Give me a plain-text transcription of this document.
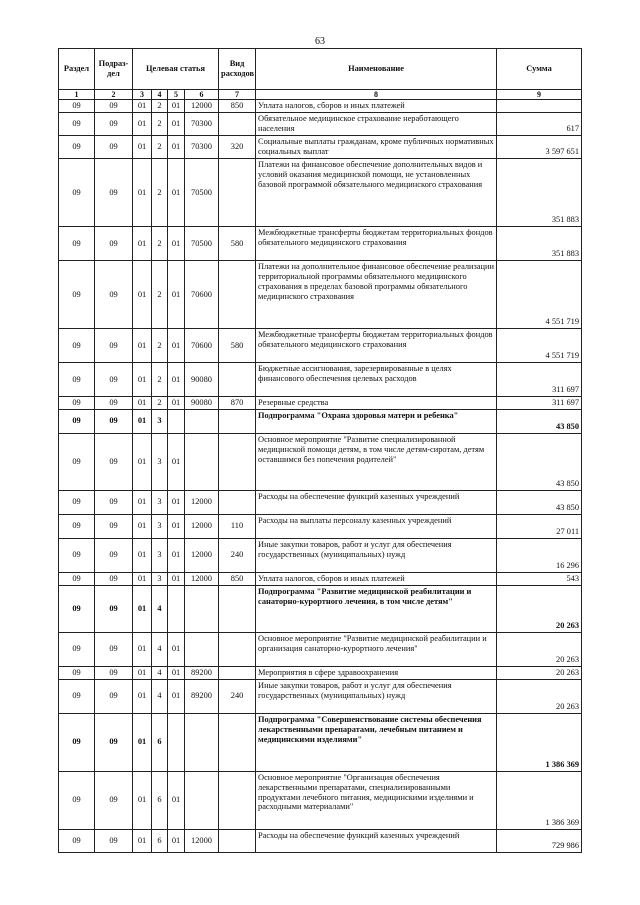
63
Раздел	Подраз-дел	Целевая статья				Вид расходов	Наименование	Сумма
1	2	3	4	5	6	7	8	9
09	09	01	2	01	12000	850	Уплата налогов, сборов и иных платежей	
09	09	01	2	01	70300		Обязательное медицинское страхование неработающего населения	617
09	09	01	2	01	70300	320	Социальные выплаты гражданам, кроме публичных нормативных социальных выплат	3 597 651
09	09	01	2	01	70500		Платежи на финансовое обеспечение дополнительных видов и условий оказания медицинской помощи, не установленных базовой программой обязательного медицинского страхования	351 883
09	09	01	2	01	70500	580	Межбюджетные трансферты бюджетам территориальных фондов обязательного медицинского страхования	351 883
09	09	01	2	01	70600		Платежи на дополнительное финансовое обеспечение реализации территориальной программы обязательного медицинского страхования в пределах базовой программы обязательного медицинского страхования	4 551 719
09	09	01	2	01	70600	580	Межбюджетные трансферты бюджетам территориальных фондов обязательного медицинского страхования	4 551 719
09	09	01	2	01	90080		Бюджетные ассигнования, зарезервированные в целях финансового обеспечения целевых расходов	311 697
09	09	01	2	01	90080	870	Резервные средства	311 697
09	09	01	3				Подпрограмма "Охрана здоровья матери и ребенка"	43 850
09	09	01	3	01			Основное мероприятие "Развитие специализированной медицинской помощи детям, в том числе детям-сиротам, детям оставшимся без попечения родителей"	43 850
09	09	01	3	01	12000		Расходы на обеспечение функций казенных учреждений	43 850
09	09	01	3	01	12000	110	Расходы на выплаты персоналу казенных учреждений	27 011
09	09	01	3	01	12000	240	Иные закупки товаров, работ и услуг для обеспечения государственных (муниципальных) нужд	16 296
09	09	01	3	01	12000	850	Уплата налогов, сборов и иных платежей	543
09	09	01	4				Подпрограмма "Развитие медицинской реабилитации и санаторно-курортного лечения, в том числе детям"	20 263
09	09	01	4	01			Основное мероприятие "Развитие медицинской реабилитации и организация санаторно-курортного лечения"	20 263
09	09	01	4	01	89200		Мероприятия в сфере здравоохранения	20 263
09	09	01	4	01	89200	240	Иные закупки товаров, работ и услуг для обеспечения государственных (муниципальных) нужд	20 263
09	09	01	6				Подпрограмма "Совершенствование системы обеспечения лекарственными препаратами, лечебным питанием и медицинскими изделиями"	1 386 369
09	09	01	6	01			Основное мероприятие "Организация обеспечения лекарственными препаратами, специализированными продуктами лечебного питания, медицинскими изделиями и расходными материалами"	1 386 369
09	09	01	6	01	12000		Расходы на обеспечение функций казенных учреждений	729 986
